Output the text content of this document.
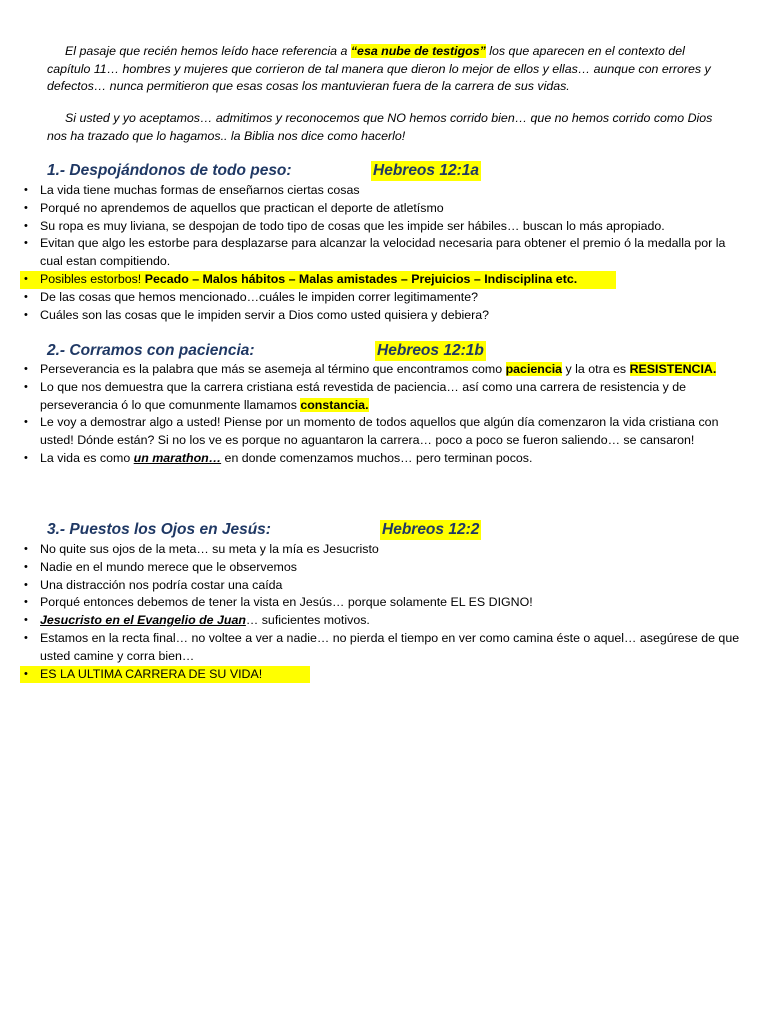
El pasaje que recién hemos leído hace referencia a “esa nube de testigos” los que aparecen en el contexto del capítulo 11… hombres y mujeres que corrieron de tal manera que dieron lo mejor de ellos y ellas… aunque con errores y defectos… nunca permitieron que esas cosas los mantuvieran fuera de la carrera de sus vidas.

Si usted y yo aceptamos… admitimos y reconocemos que NO hemos corrido bien… que no hemos corrido como Dios nos ha trazado que lo hagamos.. la Biblia nos dice como hacerlo!

1.- Despojándonos de todo peso:	Hebreos 12:1a
• La vida tiene muchas formas de enseñarnos ciertas cosas
• Porqué no aprendemos de aquellos que practican el deporte de atletísmo
• Su ropa es muy liviana, se despojan de todo tipo de cosas que les impide ser hábiles… buscan lo más apropiado.
• Evitan que algo les estorbe para desplazarse para alcanzar la velocidad necesaria para obtener el premio ó la medalla por la cual estan compitiendo.
• Posibles estorbos! Pecado – Malos hábitos – Malas amistades – Prejuicios – Indisciplina etc.
• De las cosas que hemos mencionado…cuáles le impiden correr legitimamente?
• Cuáles son las cosas que le impiden servir a Dios como usted quisiera y debiera?
2.- Corramos con paciencia:	Hebreos 12:1b
• Perseverancia es la palabra que más se asemeja al término que encontramos como paciencia y la otra es RESISTENCIA.
• Lo que nos demuestra que la carrera cristiana está revestida de paciencia… así como una carrera de resistencia y de perseverancia ó lo que comunmente llamamos constancia.
• Le voy a demostrar algo a usted! Piense por un momento de todos aquellos que algún día comenzaron la vida cristiana con usted! Dónde están? Si no los ve es porque no aguantaron la carrera… poco a poco se fueron saliendo… se cansaron!
• La vida es como un marathon… en donde comenzamos muchos… pero terminan pocos.
3.- Puestos los Ojos en Jesús:	Hebreos 12:2
• No quite sus ojos de la meta… su meta y la mía es Jesucristo
• Nadie en el mundo merece que le observemos
• Una distracción nos podría costar una caída
• Porqué entonces debemos de tener la vista en Jesús… porque solamente EL ES DIGNO!
• Jesucristo en el Evangelio de Juan… suficientes motivos.
• Estamos en la recta final… no voltee a ver a nadie… no pierda el tiempo en ver como camina éste o aquel… asegúrese de que usted camine y corra bien…
• ES LA ULTIMA CARRERA DE SU VIDA!
